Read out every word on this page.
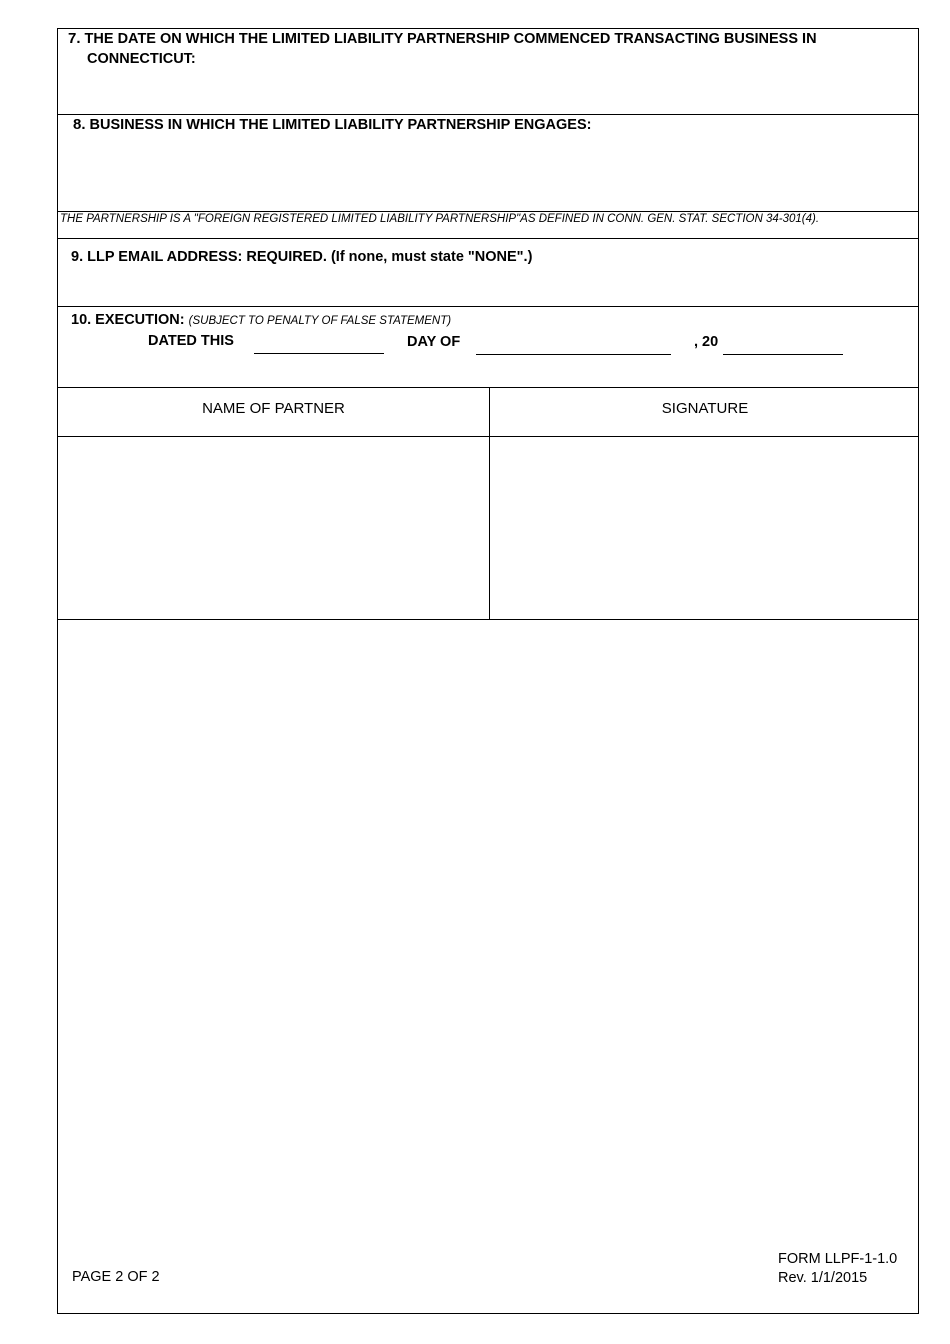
7. THE DATE ON WHICH THE LIMITED LIABILITY PARTNERSHIP COMMENCED TRANSACTING BUSINESS IN
CONNECTICUT:
8. BUSINESS IN WHICH THE LIMITED LIABILITY PARTNERSHIP ENGAGES:
THE PARTNERSHIP IS A "FOREIGN REGISTERED LIMITED LIABILITY PARTNERSHIP"AS DEFINED IN CONN. GEN. STAT. SECTION 34-301(4).
9. LLP EMAIL ADDRESS: REQUIRED. (If none, must state "NONE".)
10. EXECUTION: (SUBJECT TO PENALTY OF FALSE STATEMENT)
DATED THIS	DAY OF	, 20
NAME OF PARTNER	SIGNATURE
PAGE 2 OF 2
FORM LLPF-1-1.0
Rev. 1/1/2015
